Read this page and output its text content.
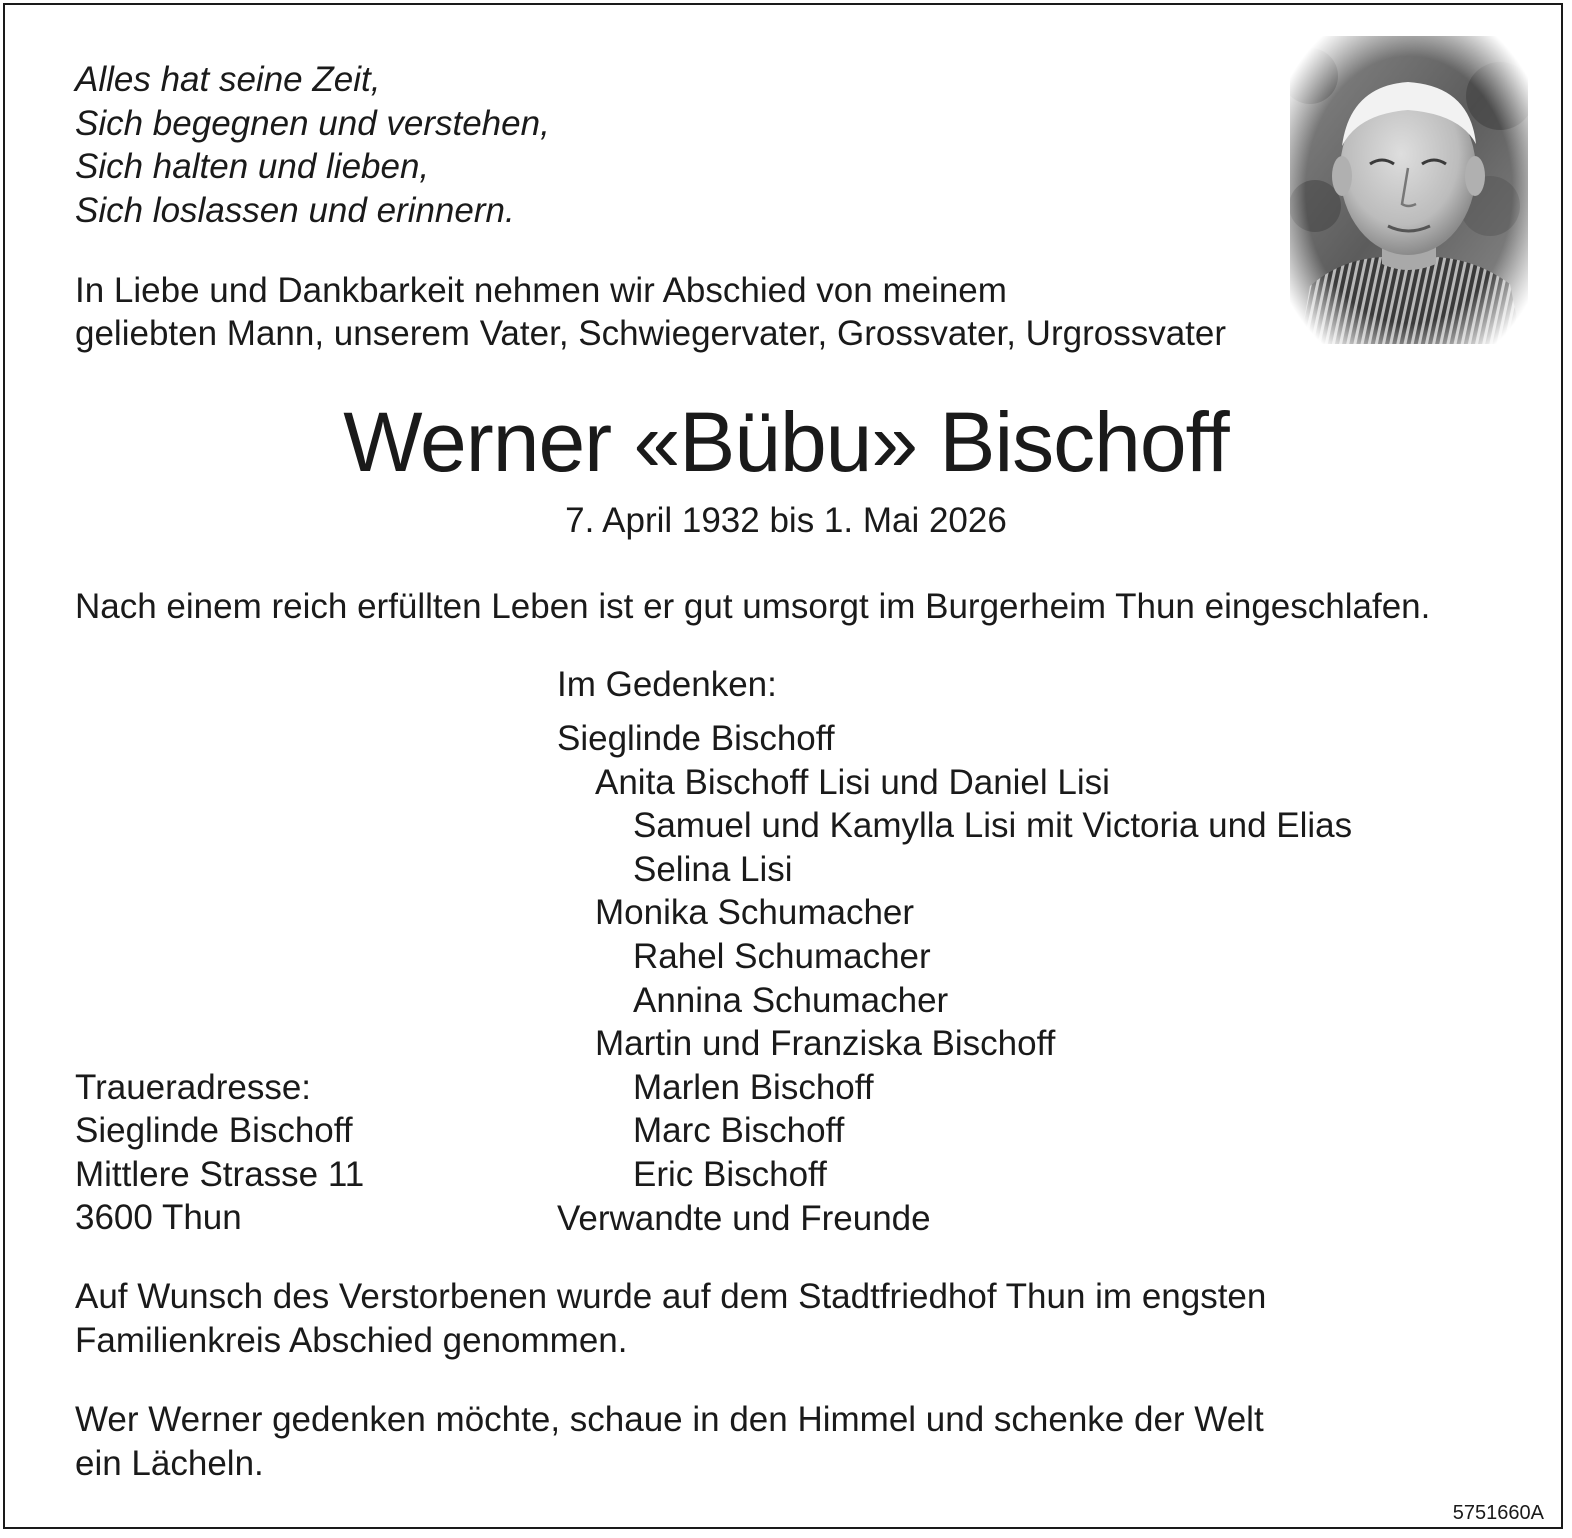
Alles hat seine Zeit,
Sich begegnen und verstehen,
Sich halten und lieben,
Sich loslassen und erinnern.
In Liebe und Dankbarkeit nehmen wir Abschied von meinem
geliebten Mann, unserem Vater, Schwiegervater, Grossvater, Urgrossvater
Werner «Bübu» Bischoff
7. April 1932 bis 1. Mai 2026
Nach einem reich erfüllten Leben ist er gut umsorgt im Burgerheim Thun eingeschlafen.
Im Gedenken:
Sieglinde Bischoff
Anita Bischoff Lisi und Daniel Lisi
Samuel und Kamylla Lisi mit Victoria und Elias
Selina Lisi
Monika Schumacher
Rahel Schumacher
Annina Schumacher
Martin und Franziska Bischoff
Marlen Bischoff
Marc Bischoff
Eric Bischoff
Verwandte und Freunde
Traueradresse:
Sieglinde Bischoff
Mittlere Strasse 11
3600 Thun
Auf Wunsch des Verstorbenen wurde auf dem Stadtfriedhof Thun im engsten
Familienkreis Abschied genommen.
Wer Werner gedenken möchte, schaue in den Himmel und schenke der Welt
ein Lächeln.
5751660A
